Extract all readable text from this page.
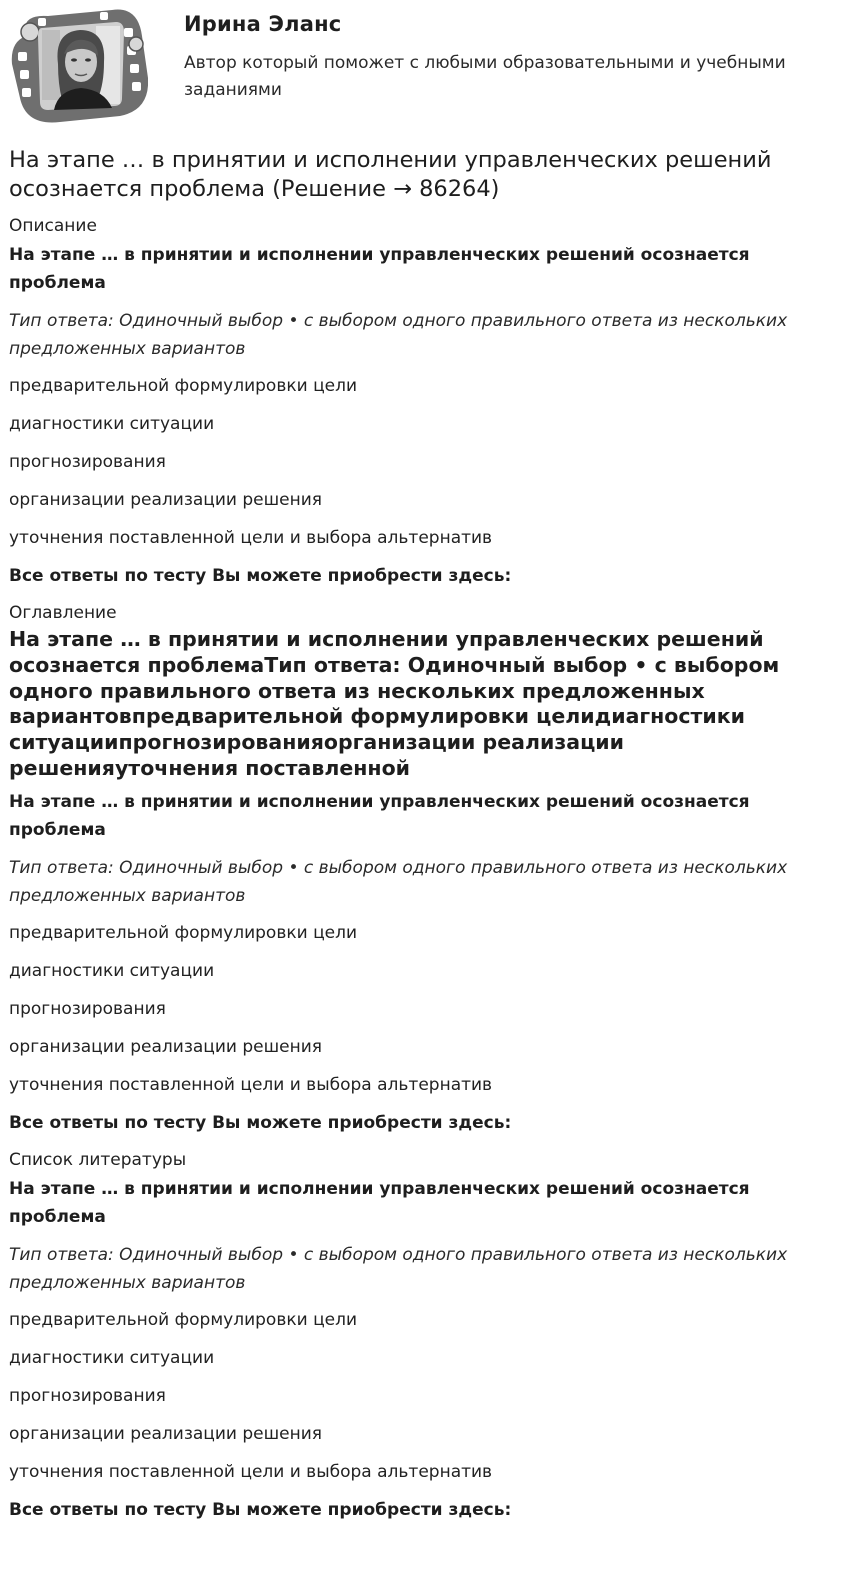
Ирина Эланс
Автор который поможет с любыми образовательными и учебными заданиями
На этапе … в принятии и исполнении управленческих решений осознается проблема (Решение → 86264)
Описание
На этапе … в принятии и исполнении управленческих решений осознается проблема
Тип ответа: Одиночный выбор • с выбором одного правильного ответа из нескольких предложенных вариантов
предварительной формулировки цели
диагностики ситуации
прогнозирования
организации реализации решения
уточнения поставленной цели и выбора альтернатив
Все ответы по тесту Вы можете приобрести здесь:
Оглавление
На этапе … в принятии и исполнении управленческих решений осознается проблемаТип ответа: Одиночный выбор • с выбором одного правильного ответа из нескольких предложенных вариантовпредварительной формулировки целидиагностики ситуациипрогнозированияорганизации реализации решенияуточнения поставленной
На этапе … в принятии и исполнении управленческих решений осознается проблема
Тип ответа: Одиночный выбор • с выбором одного правильного ответа из нескольких предложенных вариантов
предварительной формулировки цели
диагностики ситуации
прогнозирования
организации реализации решения
уточнения поставленной цели и выбора альтернатив
Все ответы по тесту Вы можете приобрести здесь:
Список литературы
На этапе … в принятии и исполнении управленческих решений осознается проблема
Тип ответа: Одиночный выбор • с выбором одного правильного ответа из нескольких предложенных вариантов
предварительной формулировки цели
диагностики ситуации
прогнозирования
организации реализации решения
уточнения поставленной цели и выбора альтернатив
Все ответы по тесту Вы можете приобрести здесь:
